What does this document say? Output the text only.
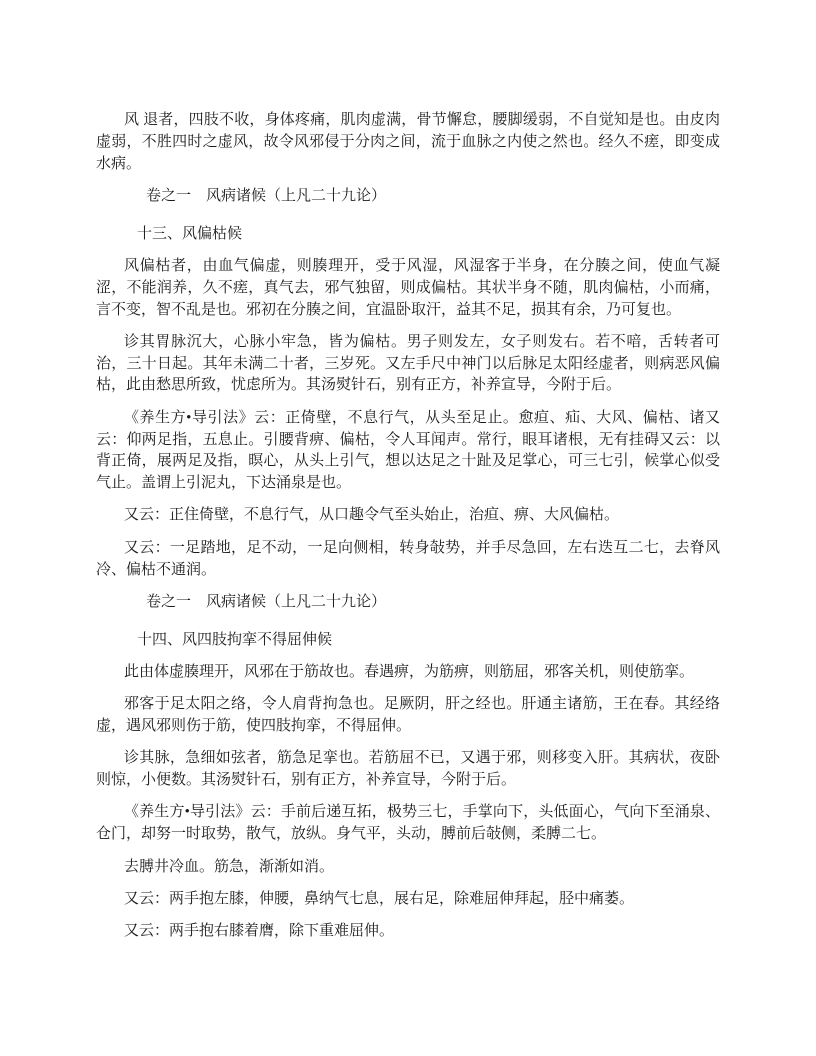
风 退者，四肢不收，身体疼痛，肌肉虚满，骨节懈怠，腰脚缓弱，不自觉知是也。由皮肉虚弱，不胜四时之虚风，故令风邪侵于分肉之间，流于血脉之内使之然也。经久不瘥，即变成水病。
卷之一　风病诸候（上凡二十九论）
十三、风偏枯候
风偏枯者，由血气偏虚，则腠理开，受于风湿，风湿客于半身，在分腠之间，使血气凝涩，不能润养，久不瘥，真气去，邪气独留，则成偏枯。其状半身不随，肌肉偏枯，小而痛，言不变，智不乱是也。邪初在分腠之间，宜温卧取汗，益其不足，损其有余，乃可复也。
诊其胃脉沉大，心脉小牢急，皆为偏枯。男子则发左，女子则发右。若不喑，舌转者可治，三十日起。其年未满二十者，三岁死。又左手尺中神门以后脉足太阳经虚者，则病恶风偏枯，此由愁思所致，忧虑所为。其汤熨针石，别有正方，补养宣导，今附于后。
《养生方•导引法》云：正倚壁，不息行气，从头至足止。愈疸、疝、大风、偏枯、诸又云：仰两足指，五息止。引腰背痹、偏枯，令人耳闻声。常行，眼耳诸根，无有挂碍又云：以背正倚，展两足及指，暝心，从头上引气，想以达足之十趾及足掌心，可三七引，候掌心似受气止。盖谓上引泥丸，下达涌泉是也。
又云：正住倚壁，不息行气，从口趣令气至头始止，治疸、痹、大风偏枯。
又云：一足踏地，足不动，一足向侧相，转身敧势，并手尽急回，左右迭互二七，去脊风冷、偏枯不通润。
卷之一　风病诸候（上凡二十九论）
十四、风四肢拘挛不得屈伸候
此由体虚腠理开，风邪在于筋故也。春遇痹，为筋痹，则筋屈，邪客关机，则使筋挛。
邪客于足太阳之络，令人肩背拘急也。足厥阴，肝之经也。肝通主诸筋，王在春。其经络虚，遇风邪则伤于筋，使四肢拘挛，不得屈伸。
诊其脉，急细如弦者，筋急足挛也。若筋屈不已，又遇于邪，则移变入肝。其病状，夜卧则惊，小便数。其汤熨针石，别有正方，补养宣导，今附于后。
《养生方•导引法》云：手前后递互拓，极势三七，手掌向下，头低面心，气向下至涌泉、仓门，却努一时取势，散气，放纵。身气平，头动，膊前后敧侧，柔膊二七。
去膊井冷血。筋急，渐渐如消。
又云：两手抱左膝，伸腰，鼻纳气七息，展右足，除难屈伸拜起，胫中痛萎。
又云：两手抱右膝着膺，除下重难屈伸。
